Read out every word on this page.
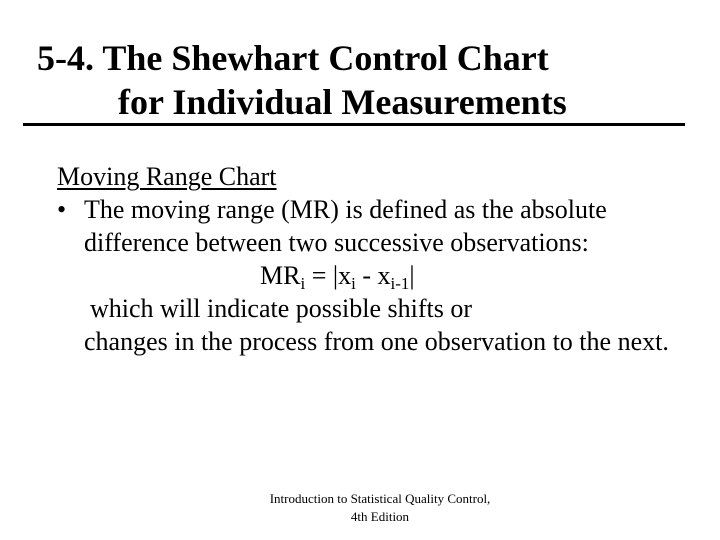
5-4. The Shewhart Control Chart
for Individual Measurements
Moving Range Chart
• The moving range (MR) is defined as the absolute difference between two successive observations:
$MR_i = |x_i - x_{i-1}|$
which will indicate possible shifts or
changes in the process from one observation to the next.
Introduction to Statistical Quality Control,
4th Edition
